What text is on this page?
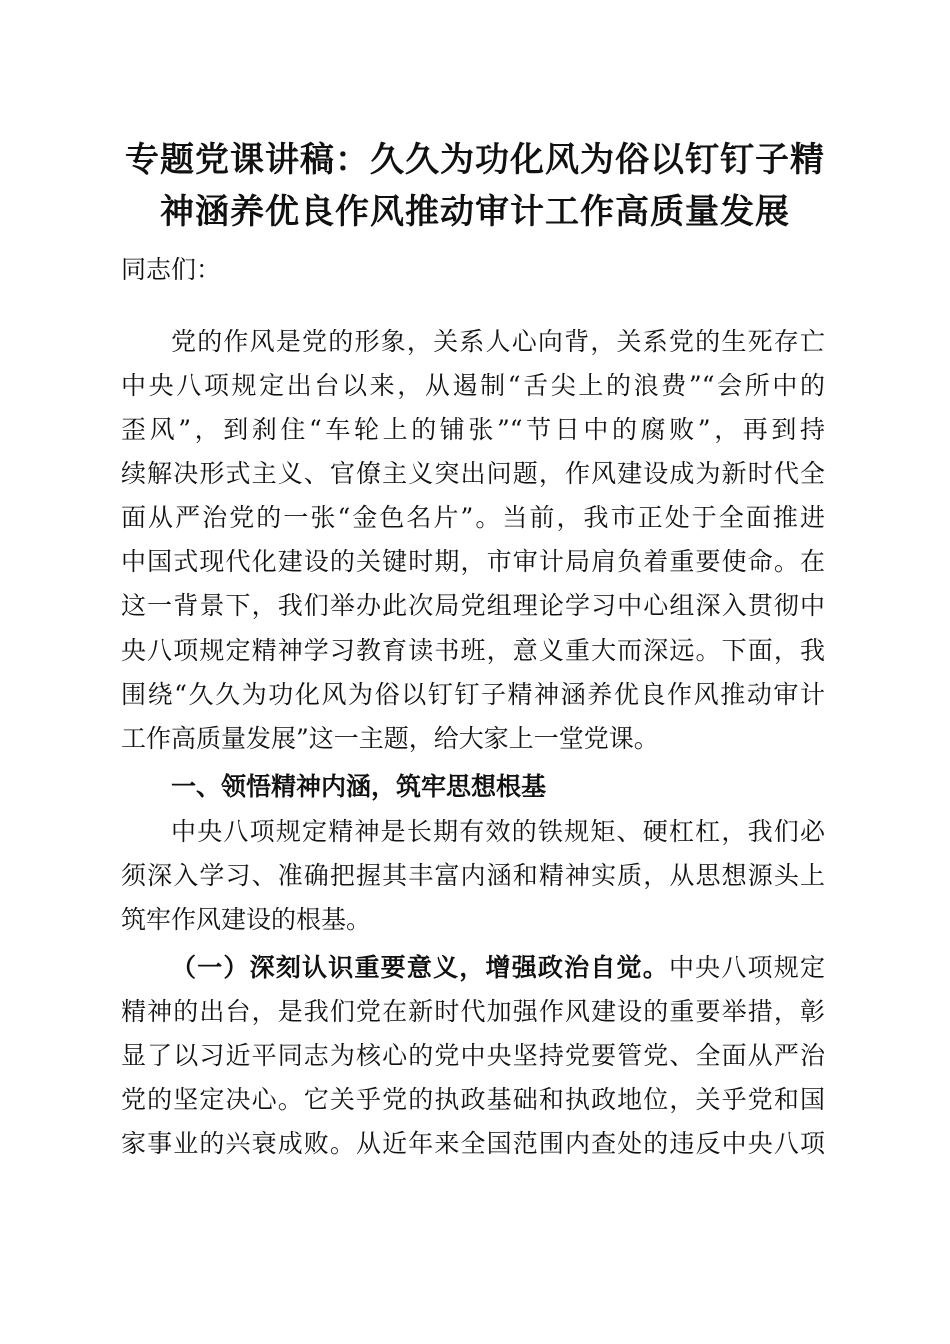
专题党课讲稿：久久为功化风为俗以钉钉子精
神涵养优良作风推动审计工作高质量发展

同志们：

党的作风是党的形象，关系人心向背，关系党的生死存亡

中央八项规定出台以来，从遏制“舌尖上的浪费”“会所中的

歪风”，到刹住“车轮上的铺张”“节日中的腐败”，再到持

续解决形式主义、官僚主义突出问题，作风建设成为新时代全

面从严治党的一张“金色名片”。当前，我市正处于全面推进

中国式现代化建设的关键时期，市审计局肩负着重要使命。在

这一背景下，我们举办此次局党组理论学习中心组深入贯彻中

央八项规定精神学习教育读书班，意义重大而深远。下面，我

围绕“久久为功化风为俗以钉钉子精神涵养优良作风推动审计

工作高质量发展”这一主题，给大家上一堂党课。

一、领悟精神内涵，筑牢思想根基

中央八项规定精神是长期有效的铁规矩、硬杠杠，我们必

须深入学习、准确把握其丰富内涵和精神实质，从思想源头上

筑牢作风建设的根基。

（一）深刻认识重要意义，增强政治自觉。中央八项规定

精神的出台，是我们党在新时代加强作风建设的重要举措，彰

显了以习近平同志为核心的党中央坚持党要管党、全面从严治

党的坚定决心。它关乎党的执政基础和执政地位，关乎党和国

家事业的兴衰成败。从近年来全国范围内查处的违反中央八项
